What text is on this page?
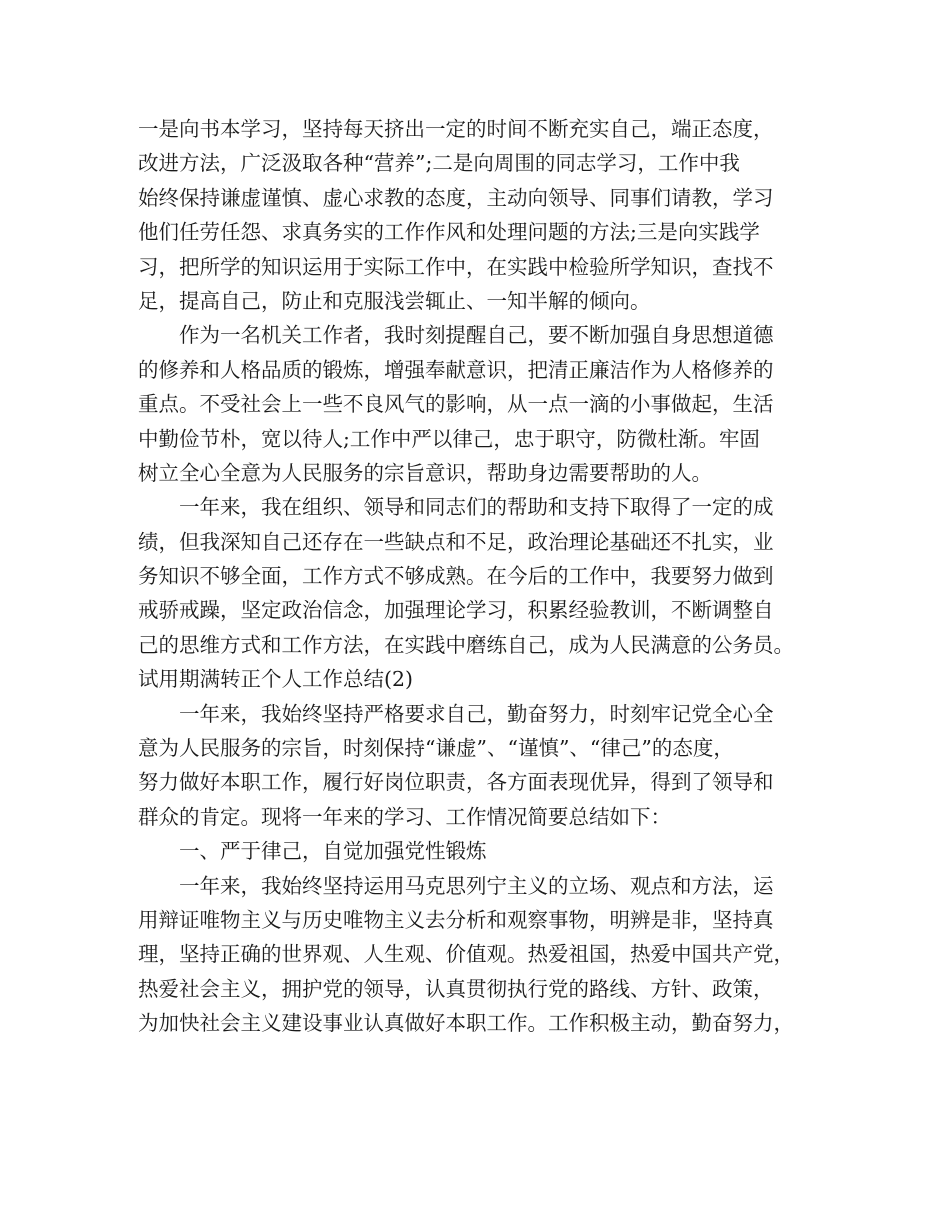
一是向书本学习，坚持每天挤出一定的时间不断充实自己，端正态度，
改进方法，广泛汲取各种“营养”;二是向周围的同志学习，工作中我
始终保持谦虚谨慎、虚心求教的态度，主动向领导、同事们请教，学习
他们任劳任怨、求真务实的工作作风和处理问题的方法;三是向实践学
习，把所学的知识运用于实际工作中，在实践中检验所学知识，查找不
足，提高自己，防止和克服浅尝辄止、一知半解的倾向。
作为一名机关工作者，我时刻提醒自己，要不断加强自身思想道德
的修养和人格品质的锻炼，增强奉献意识，把清正廉洁作为人格修养的
重点。不受社会上一些不良风气的影响，从一点一滴的小事做起，生活
中勤俭节朴，宽以待人;工作中严以律己，忠于职守，防微杜渐。牢固
树立全心全意为人民服务的宗旨意识，帮助身边需要帮助的人。
一年来，我在组织、领导和同志们的帮助和支持下取得了一定的成
绩，但我深知自己还存在一些缺点和不足，政治理论基础还不扎实，业
务知识不够全面，工作方式不够成熟。在今后的工作中，我要努力做到
戒骄戒躁，坚定政治信念，加强理论学习，积累经验教训，不断调整自
己的思维方式和工作方法，在实践中磨练自己，成为人民满意的公务员。
试用期满转正个人工作总结(2)
一年来，我始终坚持严格要求自己，勤奋努力，时刻牢记党全心全
意为人民服务的宗旨，时刻保持“谦虚”、“谨慎”、“律己”的态度，
努力做好本职工作，履行好岗位职责，各方面表现优异，得到了领导和
群众的肯定。现将一年来的学习、工作情况简要总结如下：
一、严于律己，自觉加强党性锻炼
一年来，我始终坚持运用马克思列宁主义的立场、观点和方法，运
用辩证唯物主义与历史唯物主义去分析和观察事物，明辨是非，坚持真
理，坚持正确的世界观、人生观、价值观。热爱祖国，热爱中国共产党，
热爱社会主义，拥护党的领导，认真贯彻执行党的路线、方针、政策，
为加快社会主义建设事业认真做好本职工作。工作积极主动，勤奋努力，
